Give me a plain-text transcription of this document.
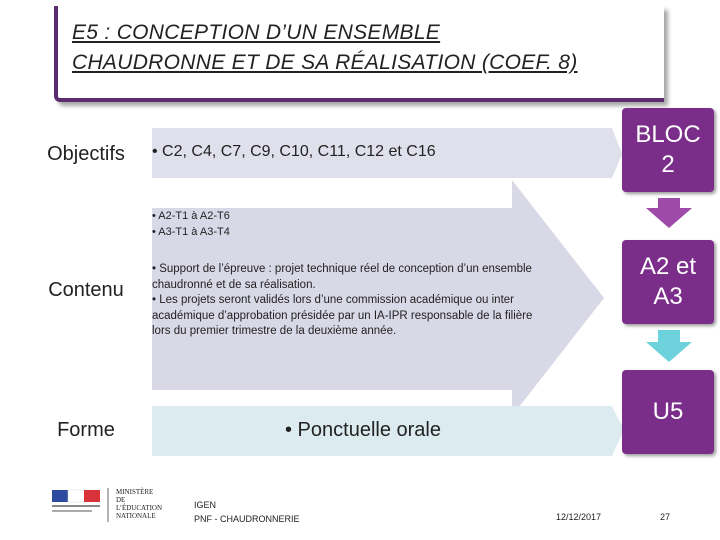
E5 : CONCEPTION D’UN ENSEMBLE
CHAUDRONNE ET DE SA RÉALISATION (COEF. 8)
Objectifs
Contenu
Forme
• C2, C4, C7, C9, C10, C11, C12 et C16
• A2-T1 à A2-T6
• A3-T1 à A3-T4
• Support de l’épreuve : projet technique réel de conception d’un ensemble chaudronné et de sa réalisation.
• Les projets seront validés lors d’une commission académique ou inter académique d’approbation présidée par un IA-IPR responsable de la filière lors du premier trimestre de la deuxième année.
• Ponctuelle orale
BLOC
2
A2 et
A3
U5
MINISTÈRE
DE L’ÉDUCATION
NATIONALE
IGEN
PNF - CHAUDRONNERIE	12/12/2017	27
